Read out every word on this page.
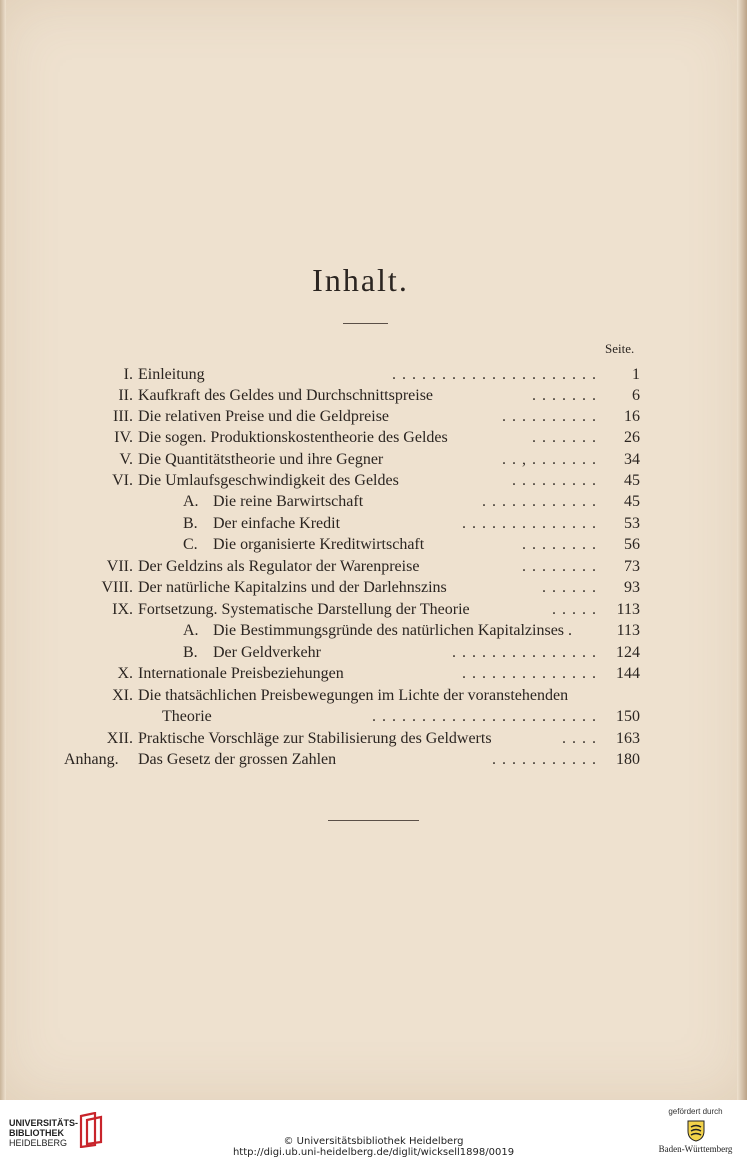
Inhalt.
Seite.
I. Einleitung	. . . . . . . . . . . . . . . . . . . . . 1
II. Kaufkraft des Geldes und Durchschnittspreise	. . . . . . . 6
III. Die relativen Preise und die Geldpreise	. . . . . . . . . . 16
IV. Die sogen. Produktionskostentheorie des Geldes	. . . . . . . 26
V. Die Quantitätstheorie und ihre Gegner	. . , . . . . . . . 34
VI. Die Umlaufsgeschwindigkeit des Geldes	. . . . . . . . . 45
A. Die reine Barwirtschaft	. . . . . . . . . . . . 45
B. Der einfache Kredit	. . . . . . . . . . . . . . 53
C. Die organisierte Kreditwirtschaft	. . . . . . . . 56
VII. Der Geldzins als Regulator der Warenpreise	. . . . . . . . 73
VIII. Der natürliche Kapitalzins und der Darlehnszins	. . . . . . 93
IX. Fortsetzung. Systematische Darstellung der Theorie	. . . . . 113
A. Die Bestimmungsgründe des natürlichen Kapitalzinses .	113
B. Der Geldverkehr	. . . . . . . . . . . . . . . 124
X. Internationale Preisbeziehungen	. . . . . . . . . . . . . . 144
XI. Die thatsächlichen Preisbewegungen im Lichte der voranstehenden
Theorie	. . . . . . . . . . . . . . . . . . . . . . . 150
XII. Praktische Vorschläge zur Stabilisierung des Geldwerts	. . . . 163
Anhang. Das Gesetz der grossen Zahlen	. . . . . . . . . . . 180
UNIVERSITÄTS-
BIBLIOTHEK
HEIDELBERG	© Universitätsbibliothek Heidelberg
http://digi.ub.uni-heidelberg.de/diglit/wicksell1898/0019
gefördert durch
Baden-Württemberg
